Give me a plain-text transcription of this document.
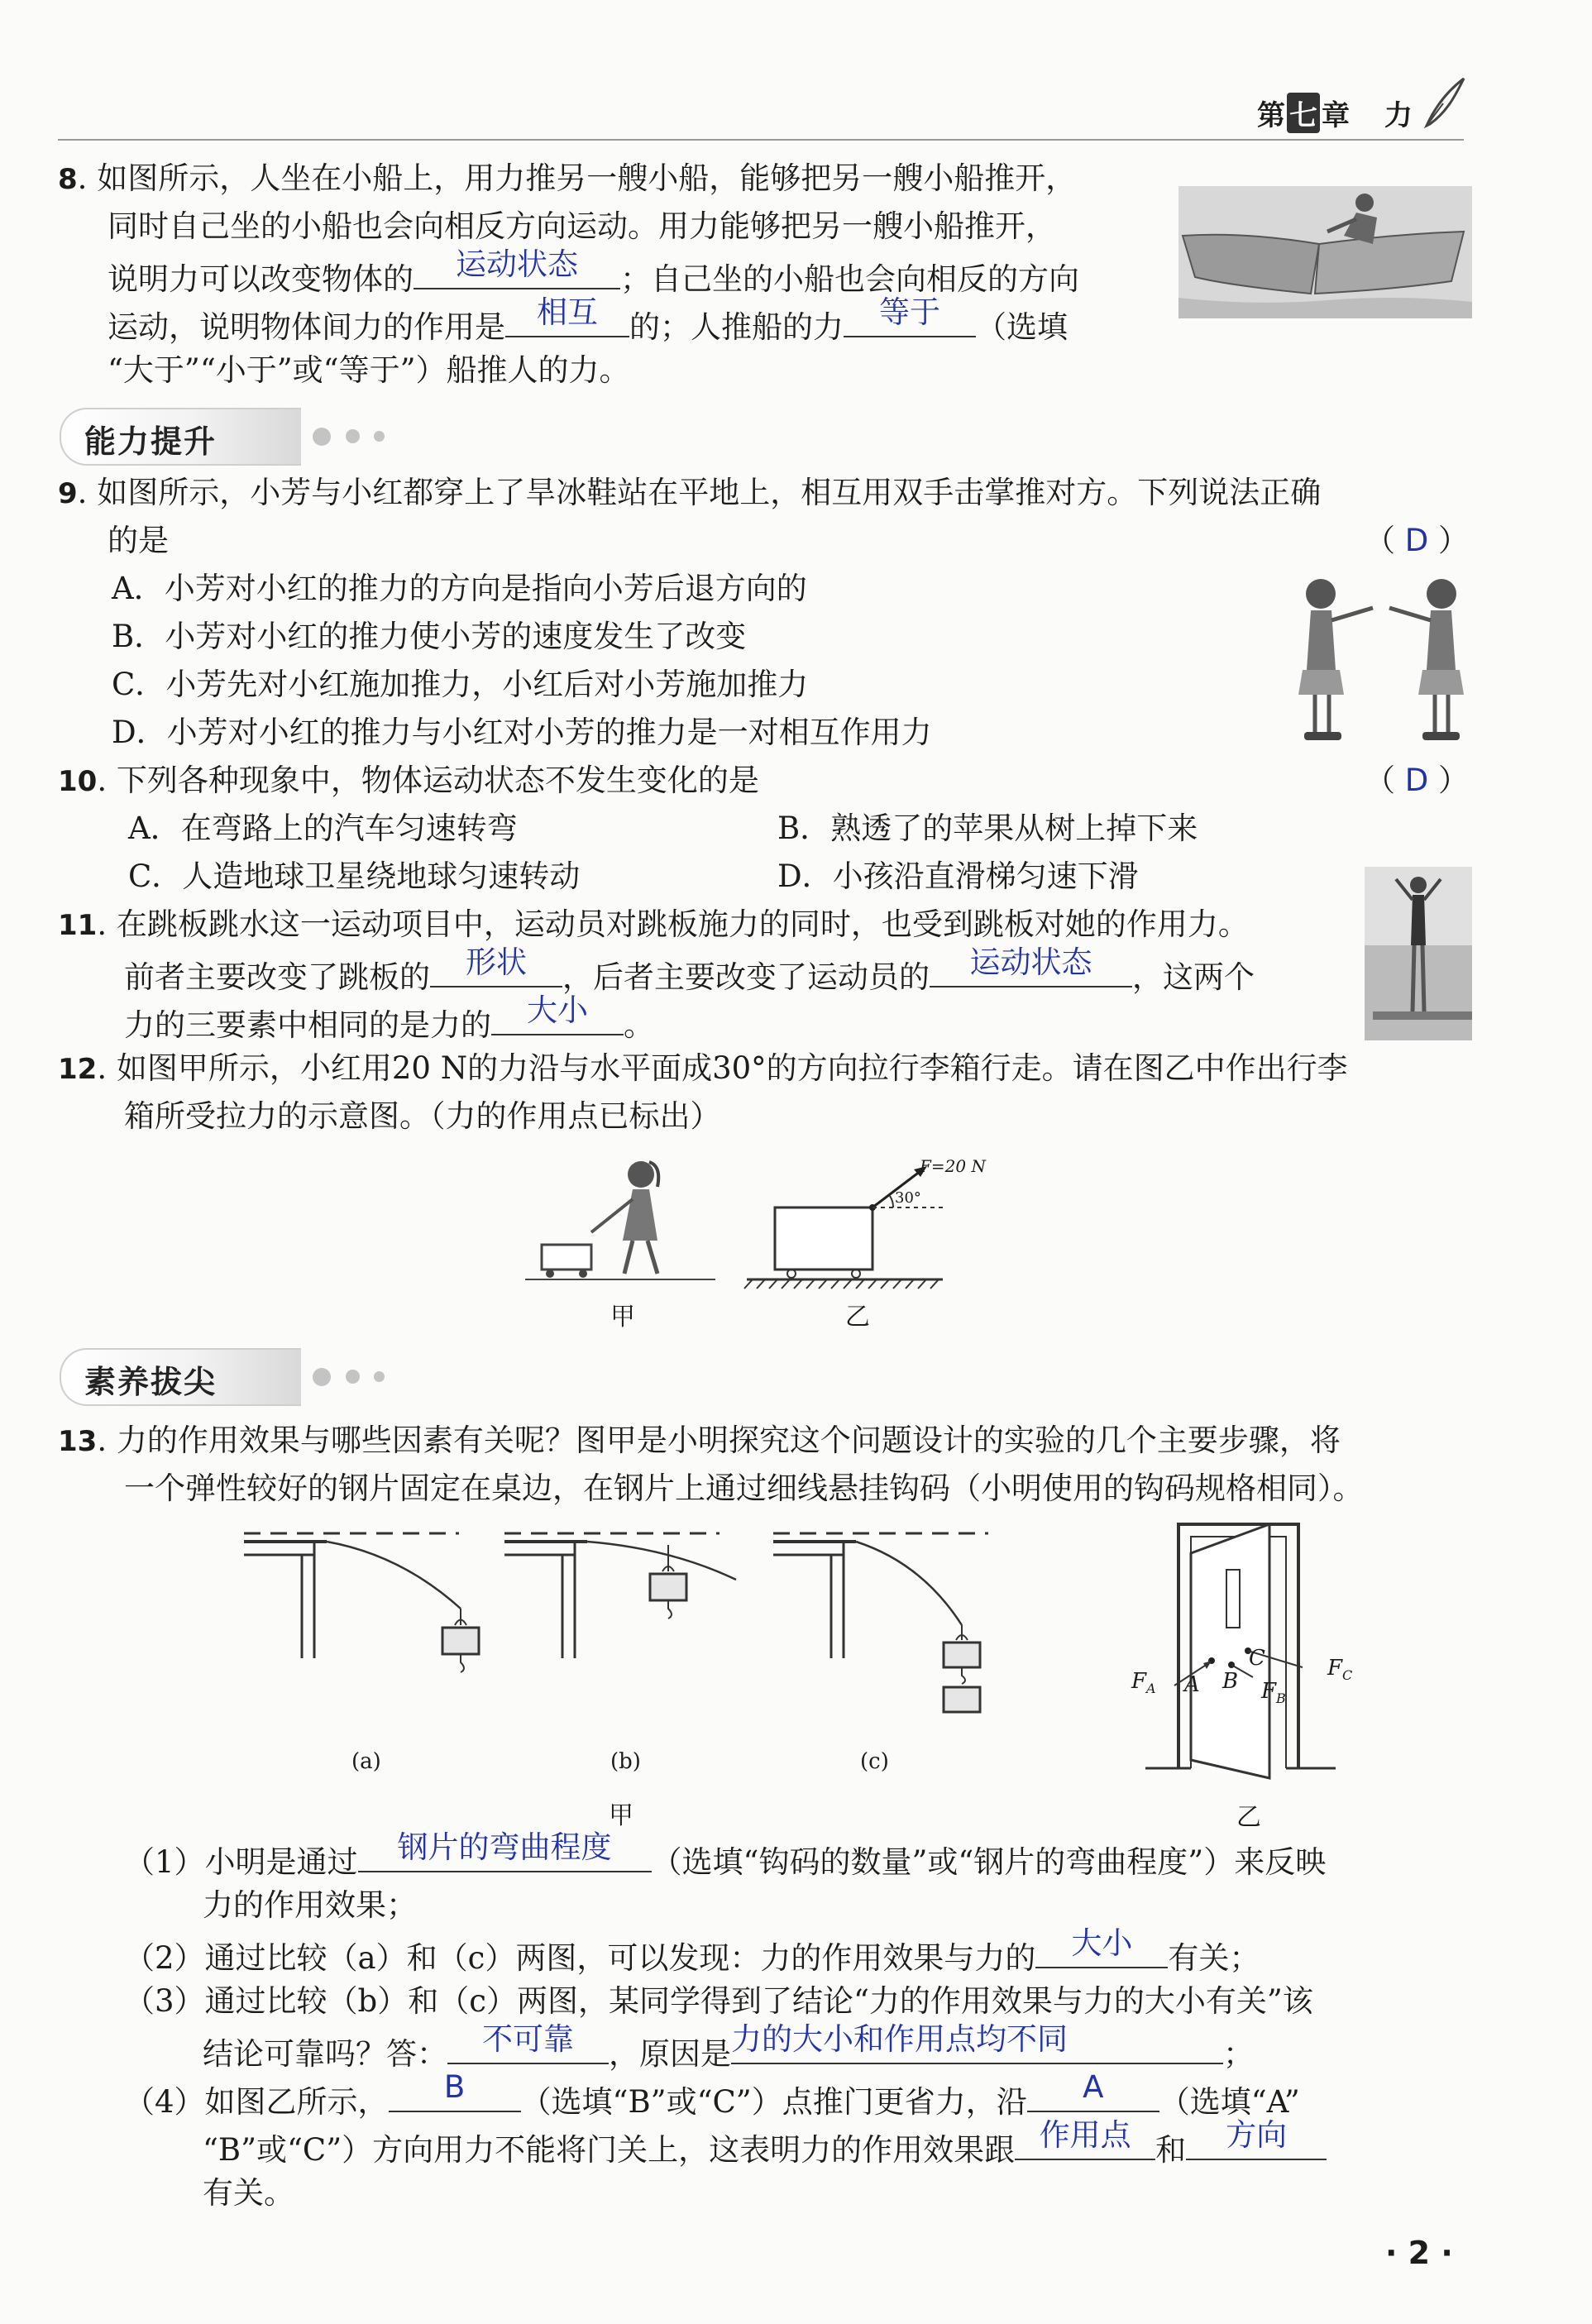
第 七 章 力
8. 如图所示，人坐在小船上，用力推另一艘小船，能够把另一艘小船推开，
同时自己坐的小船也会向相反方向运动。用力能够把另一艘小船推开，
说明力可以改变物体的	运动状态	；自己坐的小船也会向相反的方向
运动，说明物体间力的作用是	相互	的；人推船的力	等于	（选填
“大于”“小于”或“等于”）船推人的力。
能力提升
9. 如图所示，小芳与小红都穿上了旱冰鞋站在平地上，相互用双手击掌推对方。下列说法正确
的是	（ D ）
A．小芳对小红的推力的方向是指向小芳后退方向的
B．小芳对小红的推力使小芳的速度发生了改变
C．小芳先对小红施加推力，小红后对小芳施加推力
D．小芳对小红的推力与小红对小芳的推力是一对相互作用力
10. 下列各种现象中，物体运动状态不发生变化的是	（ D ）
A．在弯路上的汽车匀速转弯	B．熟透了的苹果从树上掉下来
C．人造地球卫星绕地球匀速转动	D．小孩沿直滑梯匀速下滑
11. 在跳板跳水这一运动项目中，运动员对跳板施力的同时，也受到跳板对她的作用力。
前者主要改变了跳板的	形状	，后者主要改变了运动员的	运动状态	，这两个
力的三要素中相同的是力的	大小	。
12. 如图甲所示，小红用20 N的力沿与水平面成30°的方向拉行李箱行走。请在图乙中作出行李
箱所受拉力的示意图。（力的作用点已标出）
甲
F=20 N
30°
乙
素养拔尖
13. 力的作用效果与哪些因素有关呢？图甲是小明探究这个问题设计的实验的几个主要步骤，将
一个弹性较好的钢片固定在桌边，在钢片上通过细线悬挂钩码（小明使用的钩码规格相同）。
(a)	(b)	(c)
甲
$F_A$ A B
C
$F_B$
$F_C$
乙
（1）小明是通过	钢片的弯曲程度	（选填“钩码的数量”或“钢片的弯曲程度”）来反映
力的作用效果；
（2）通过比较（a）和（c）两图，可以发现：力的作用效果与力的	大小	有关；
（3）通过比较（b）和（c）两图，某同学得到了结论“力的作用效果与力的大小有关”该
结论可靠吗？答：	不可靠	，原因是 力的大小和作用点均不同	；
（4）如图乙所示，	B	（选填“B”或“C”）点推门更省力，沿	A	（选填“A”
“B”或“C”）方向用力不能将门关上，这表明力的作用效果跟 作用点 和	方向
有关。
· 2 ·
